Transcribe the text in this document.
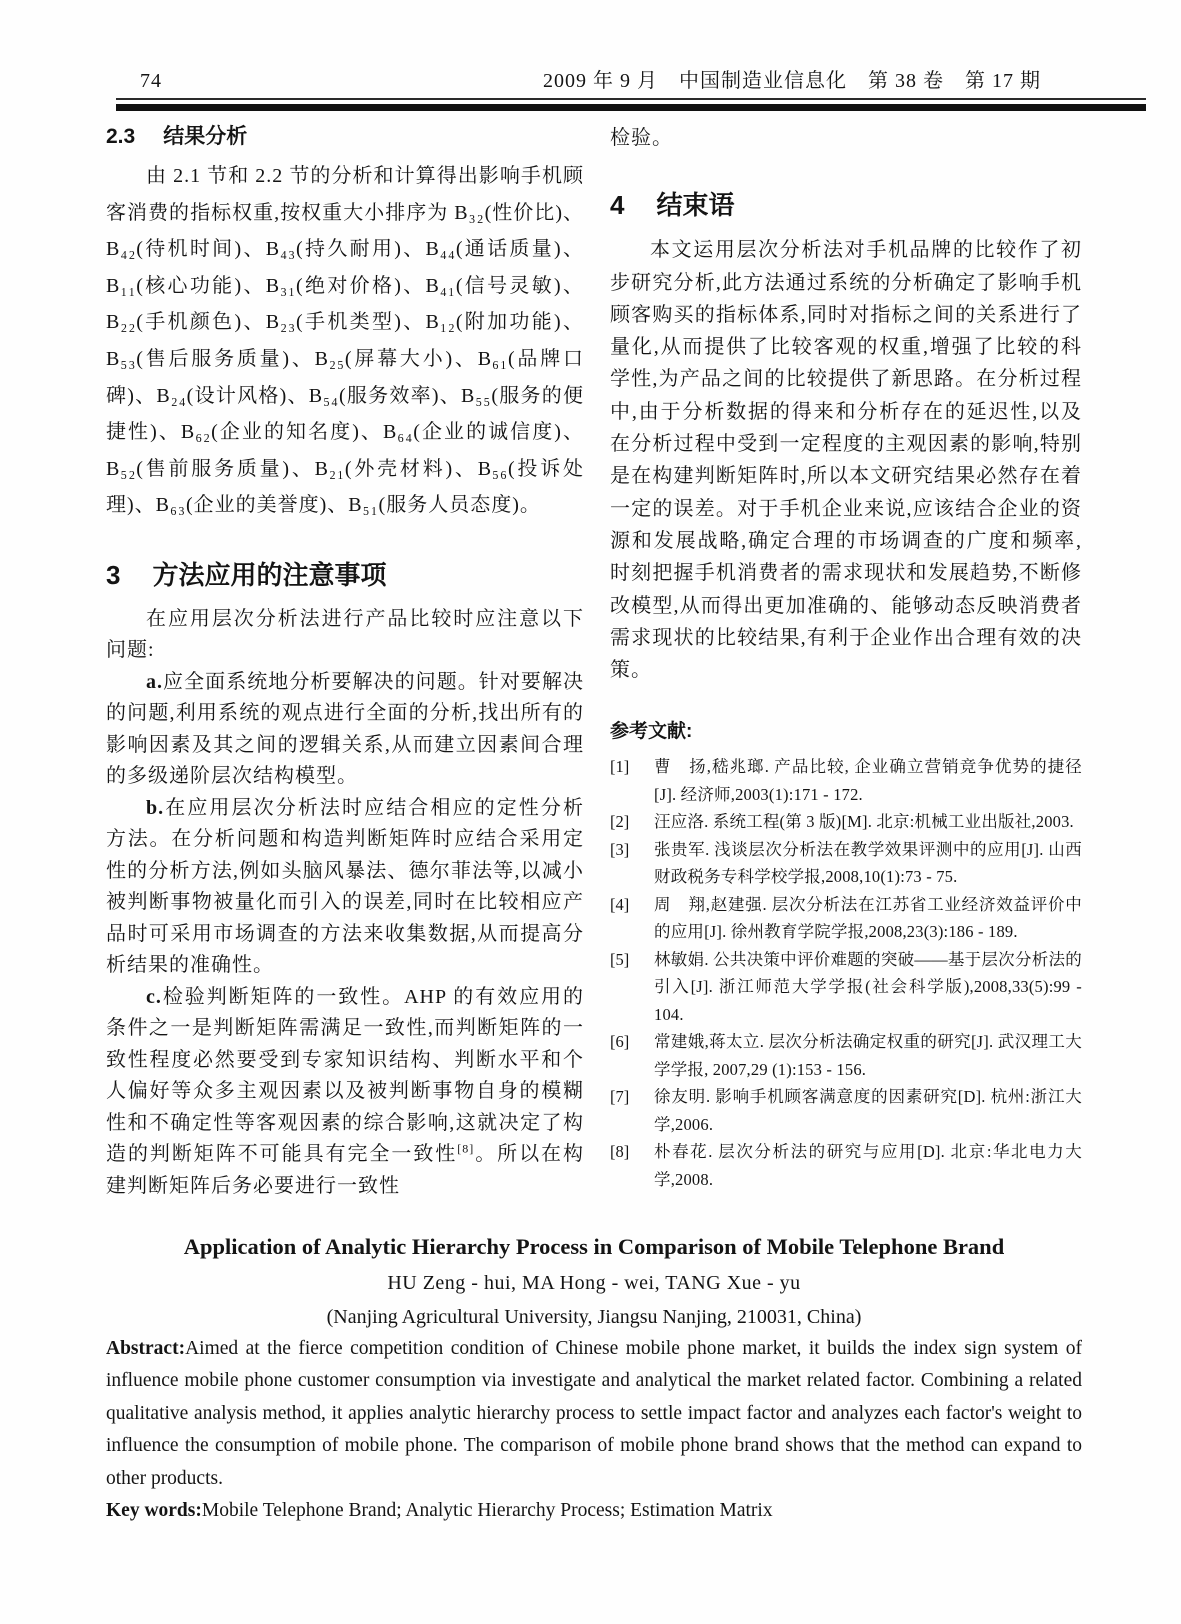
74	2009 年 9 月　中国制造业信息化　第 38 卷　第 17 期
2.3 结果分析

由 2.1 节和 2.2 节的分析和计算得出影响手机顾客消费的指标权重,按权重大小排序为 B₃₂(性价比)、B₄₂(待机时间)、B₄₃(持久耐用)、B₄₄(通话质量)、B₁₁(核心功能)、B₃₁(绝对价格)、B₄₁(信号灵敏)、B₂₂(手机颜色)、B₂₃(手机类型)、B₁₂(附加功能)、B₅₃(售后服务质量)、B₂₅(屏幕大小)、B₆₁(品牌口碑)、B₂₄(设计风格)、B₅₄(服务效率)、B₅₅(服务的便捷性)、B₆₂(企业的知名度)、B₆₄(企业的诚信度)、B₅₂(售前服务质量)、B₂₁(外壳材料)、B₅₆(投诉处理)、B₆₃(企业的美誉度)、B₅₁(服务人员态度)。

3 方法应用的注意事项

在应用层次分析法进行产品比较时应注意以下问题:

a.应全面系统地分析要解决的问题。针对要解决的问题,利用系统的观点进行全面的分析,找出所有的影响因素及其之间的逻辑关系,从而建立因素间合理的多级递阶层次结构模型。

b.在应用层次分析法时应结合相应的定性分析方法。在分析问题和构造判断矩阵时应结合采用定性的分析方法,例如头脑风暴法、德尔菲法等,以减小被判断事物被量化而引入的误差,同时在比较相应产品时可采用市场调查的方法来收集数据,从而提高分析结果的准确性。

c.检验判断矩阵的一致性。AHP 的有效应用的条件之一是判断矩阵需满足一致性,而判断矩阵的一致性程度必然要受到专家知识结构、判断水平和个人偏好等众多主观因素以及被判断事物自身的模糊性和不确定性等客观因素的综合影响,这就决定了构造的判断矩阵不可能具有完全一致性[8]。所以在构建判断矩阵后务必要进行一致性

检验。

4 结束语

本文运用层次分析法对手机品牌的比较作了初步研究分析,此方法通过系统的分析确定了影响手机顾客购买的指标体系,同时对指标之间的关系进行了量化,从而提供了比较客观的权重,增强了比较的科学性,为产品之间的比较提供了新思路。在分析过程中,由于分析数据的得来和分析存在的延迟性,以及在分析过程中受到一定程度的主观因素的影响,特别是在构建判断矩阵时,所以本文研究结果必然存在着一定的误差。对于手机企业来说,应该结合企业的资源和发展战略,确定合理的市场调查的广度和频率,时刻把握手机消费者的需求现状和发展趋势,不断修改模型,从而得出更加准确的、能够动态反映消费者需求现状的比较结果,有利于企业作出合理有效的决策。

参考文献:
[1]	曹　扬,嵇兆瑯. 产品比较, 企业确立营销竞争优势的捷径[J]. 经济师,2003(1):171 - 172.
[2]	汪应洛. 系统工程(第 3 版)[M]. 北京:机械工业出版社,2003.
[3]	张贵军. 浅谈层次分析法在教学效果评测中的应用[J]. 山西财政税务专科学校学报,2008,10(1):73 - 75.
[4]	周　翔,赵建强. 层次分析法在江苏省工业经济效益评价中的应用[J]. 徐州教育学院学报,2008,23(3):186 - 189.
[5]	林敏娟. 公共决策中评价难题的突破——基于层次分析法的引入[J]. 浙江师范大学学报(社会科学版),2008,33(5):99 - 104.
[6]	常建娥,蒋太立. 层次分析法确定权重的研究[J]. 武汉理工大学学报, 2007,29 (1):153 - 156.
[7]	徐友明. 影响手机顾客满意度的因素研究[D]. 杭州:浙江大学,2006.
[8]	朴春花. 层次分析法的研究与应用[D]. 北京:华北电力大学,2008.
Application of Analytic Hierarchy Process in Comparison of Mobile Telephone Brand
HU Zeng - hui, MA Hong - wei, TANG Xue - yu
(Nanjing Agricultural University, Jiangsu Nanjing, 210031, China)

Abstract:Aimed at the fierce competition condition of Chinese mobile phone market, it builds the index sign system of influence mobile phone customer consumption via investigate and analytical the market related factor. Combining a related qualitative analysis method, it applies analytic hierarchy process to settle impact factor and analyzes each factor's weight to influence the consumption of mobile phone. The comparison of mobile phone brand shows that the method can expand to other products.

Key words:Mobile Telephone Brand; Analytic Hierarchy Process; Estimation Matrix
